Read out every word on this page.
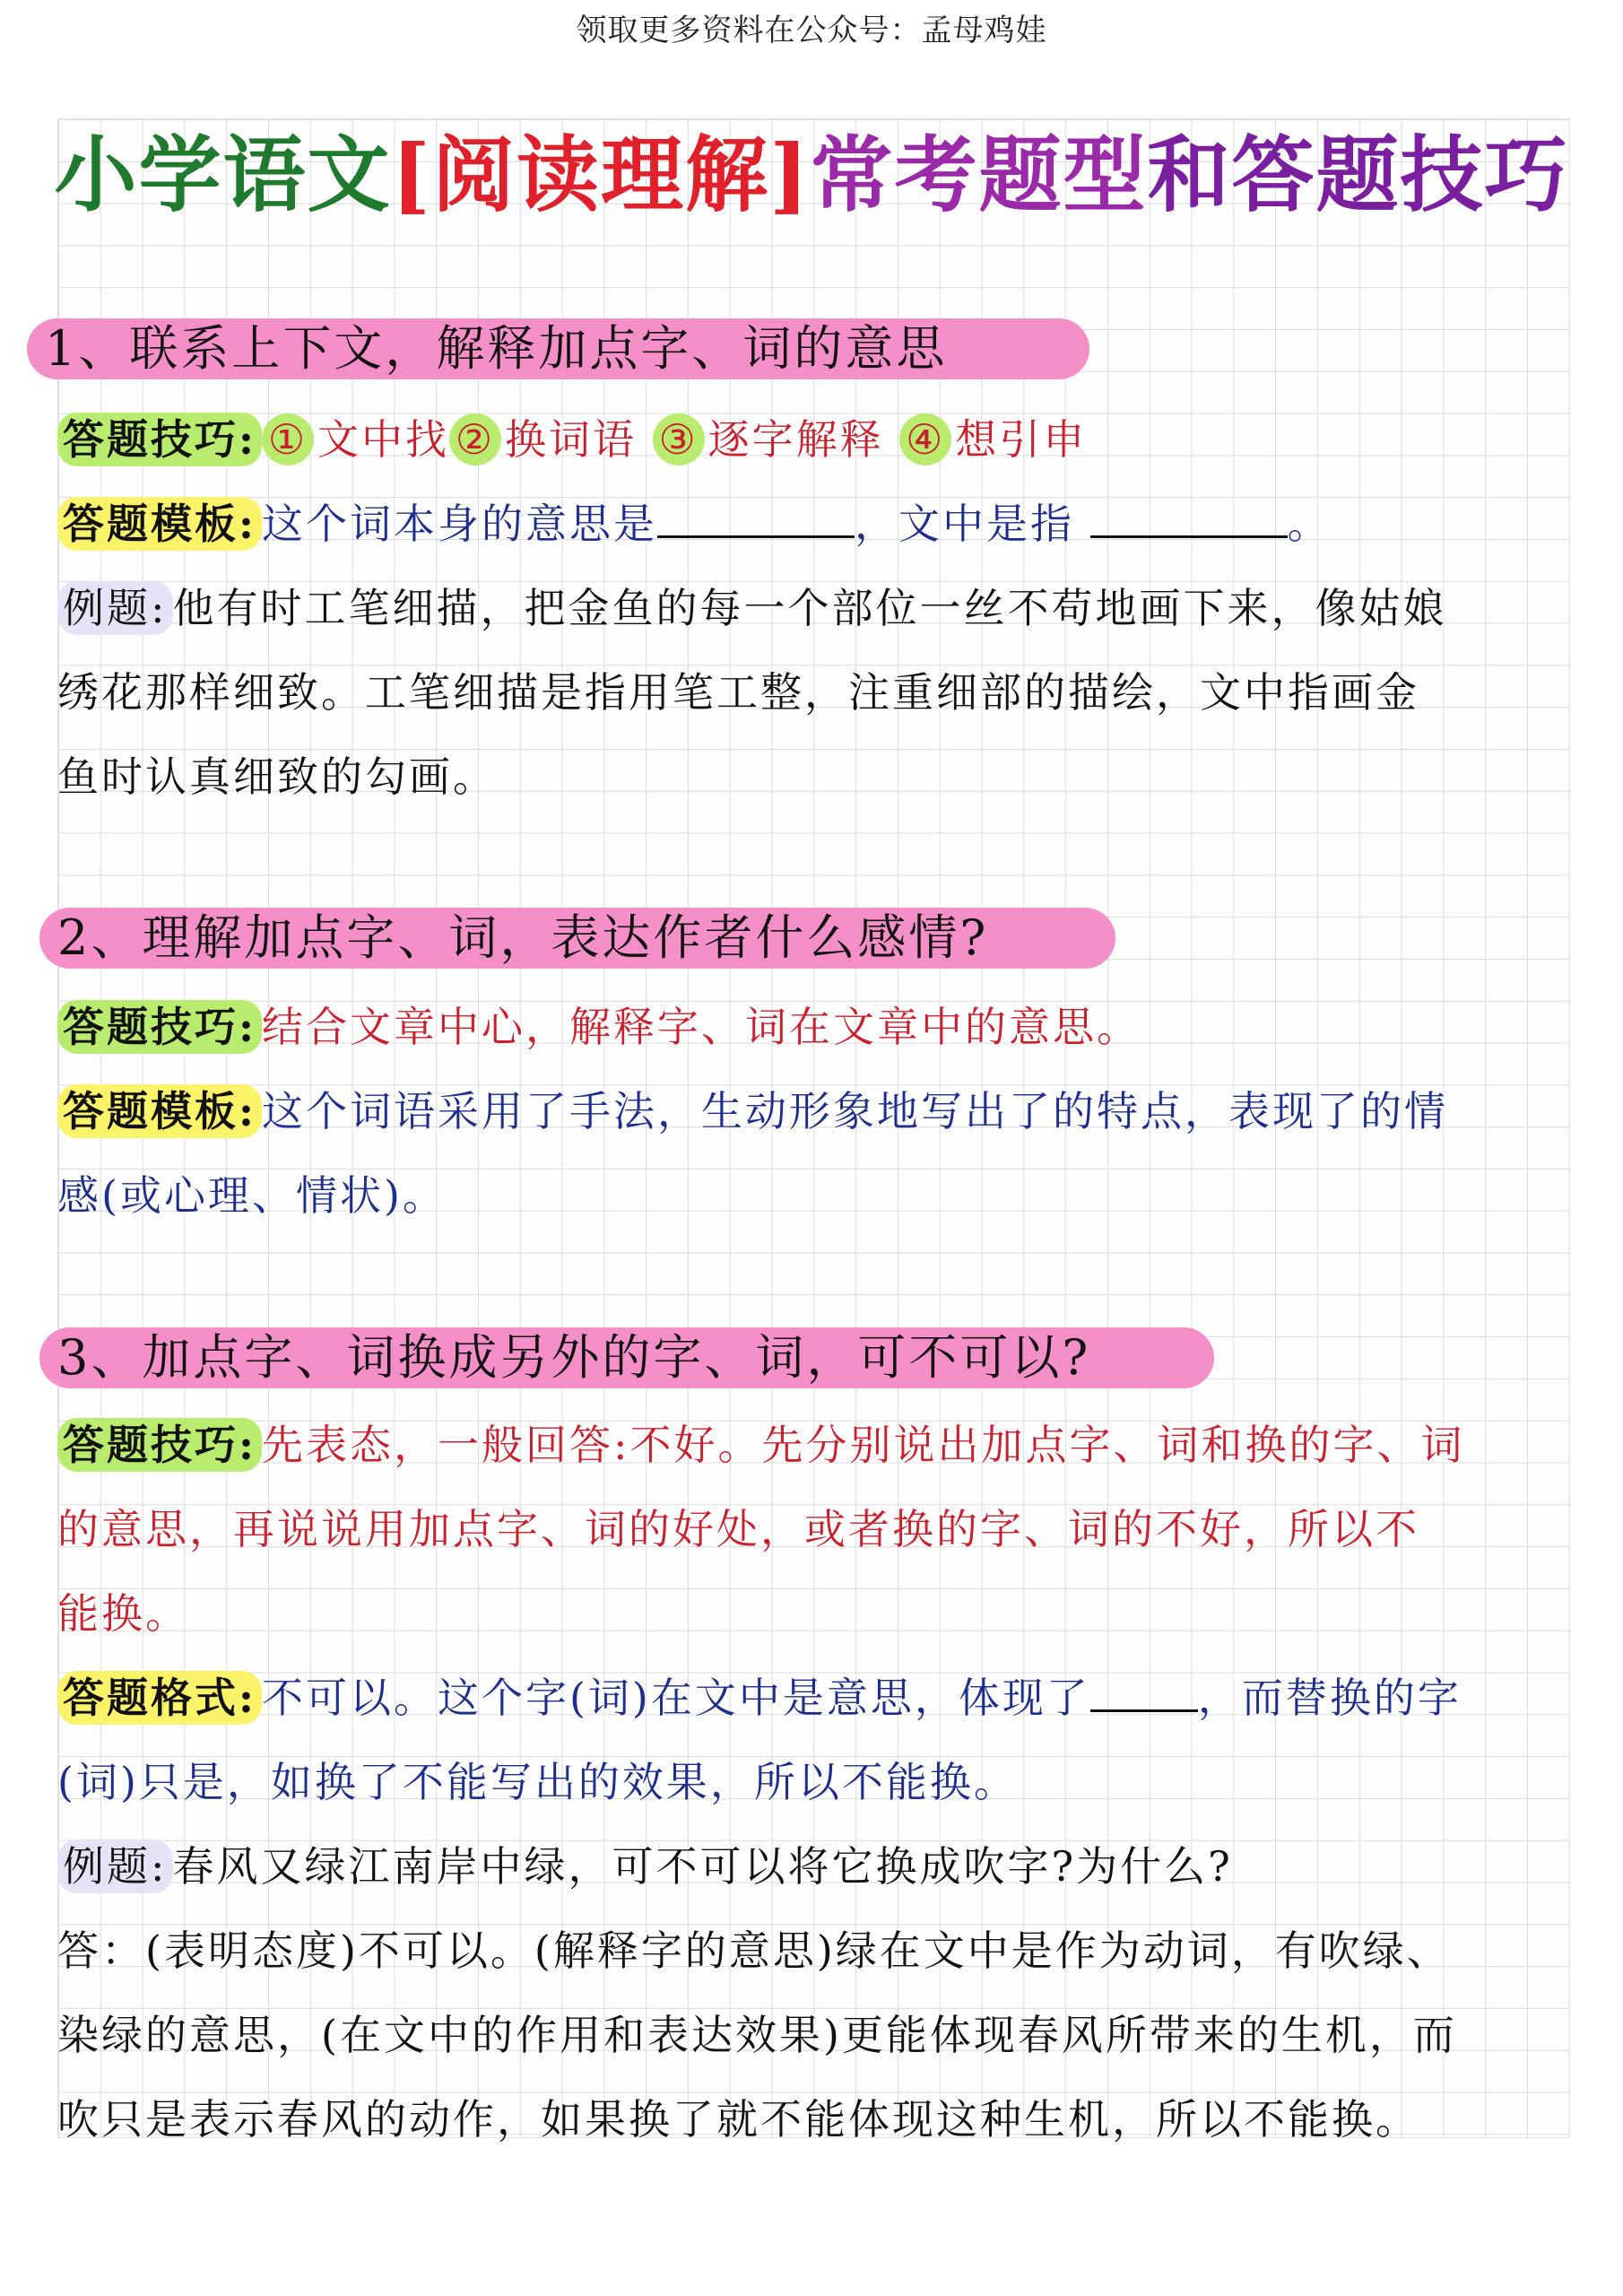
领取更多资料在公众号：孟母鸡娃
小学语文[阅读理解]常考题型和答题技巧
1、联系上下文，解释加点字、词的意思
答题技巧: ① 文中找 ② 换词语 ③ 逐字解释 ④ 想引申
答题模板: 这个词本身的意思是	，文中是指	。
例题: 他有时工笔细描，把金鱼的每一个部位一丝不苟地画下来，像姑娘
绣花那样细致。工笔细描是指用笔工整，注重细部的描绘，文中指画金
鱼时认真细致的勾画。
2、理解加点字、词，表达作者什么感情?
答题技巧: 结合文章中心，解释字、词在文章中的意思。
答题模板: 这个词语采用了手法，生动形象地写出了的特点，表现了的情
感(或心理、情状)。
3、加点字、词换成另外的字、词，可不可以?
答题技巧: 先表态，一般回答:不好。先分别说出加点字、词和换的字、词
的意思，再说说用加点字、词的好处，或者换的字、词的不好，所以不
能换。
答题格式: 不可以。这个字(词)在文中是意思，体现了	，而替换的字
(词)只是，如换了不能写出的效果，所以不能换。
例题: 春风又绿江南岸中绿，可不可以将它换成吹字?为什么?
答：(表明态度)不可以。(解释字的意思)绿在文中是作为动词，有吹绿、
染绿的意思，(在文中的作用和表达效果)更能体现春风所带来的生机，而
吹只是表示春风的动作，如果换了就不能体现这种生机，所以不能换。
